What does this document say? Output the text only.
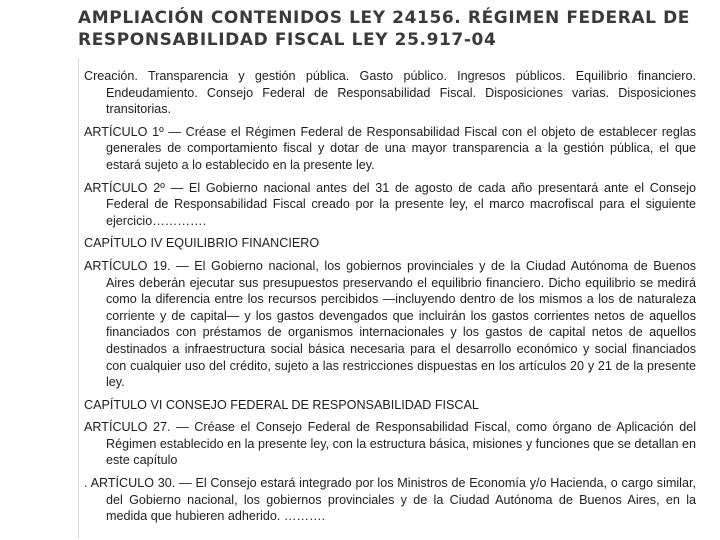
AMPLIACIÓN CONTENIDOS LEY 24156. RÉGIMEN FEDERAL DE RESPONSABILIDAD FISCAL LEY 25.917-04

Creación. Transparencia y gestión pública. Gasto público. Ingresos públicos. Equilibrio financiero. Endeudamiento. Consejo Federal de Responsabilidad Fiscal. Disposiciones varias. Disposiciones transitorias.

ARTÍCULO 1º — Créase el Régimen Federal de Responsabilidad Fiscal con el objeto de establecer reglas generales de comportamiento fiscal y dotar de una mayor transparencia a la gestión pública, el que estará sujeto a lo establecido en la presente ley.

ARTÍCULO 2º — El Gobierno nacional antes del 31 de agosto de cada año presentará ante el Consejo Federal de Responsabilidad Fiscal creado por la presente ley, el marco macrofiscal para el siguiente ejercicio………….

CAPÍTULO IV EQUILIBRIO FINANCIERO

ARTÍCULO 19. — El Gobierno nacional, los gobiernos provinciales y de la Ciudad Autónoma de Buenos Aires deberán ejecutar sus presupuestos preservando el equilibrio financiero. Dicho equilibrio se medirá como la diferencia entre los recursos percibidos —incluyendo dentro de los mismos a los de naturaleza corriente y de capital— y los gastos devengados que incluirán los gastos corrientes netos de aquellos financiados con préstamos de organismos internacionales y los gastos de capital netos de aquellos destinados a infraestructura social básica necesaria para el desarrollo económico y social financiados con cualquier uso del crédito, sujeto a las restricciones dispuestas en los artículos 20 y 21 de la presente ley.

CAPÍTULO VI CONSEJO FEDERAL DE RESPONSABILIDAD FISCAL

ARTÍCULO 27. — Créase el Consejo Federal de Responsabilidad Fiscal, como órgano de Aplicación del Régimen establecido en la presente ley, con la estructura básica, misiones y funciones que se detallan en este capítulo

. ARTÍCULO 30. — El Consejo estará integrado por los Ministros de Economía y/o Hacienda, o cargo similar, del Gobierno nacional, los gobiernos provinciales y de la Ciudad Autónoma de Buenos Aires, en la medida que hubieren adherido. ……….
